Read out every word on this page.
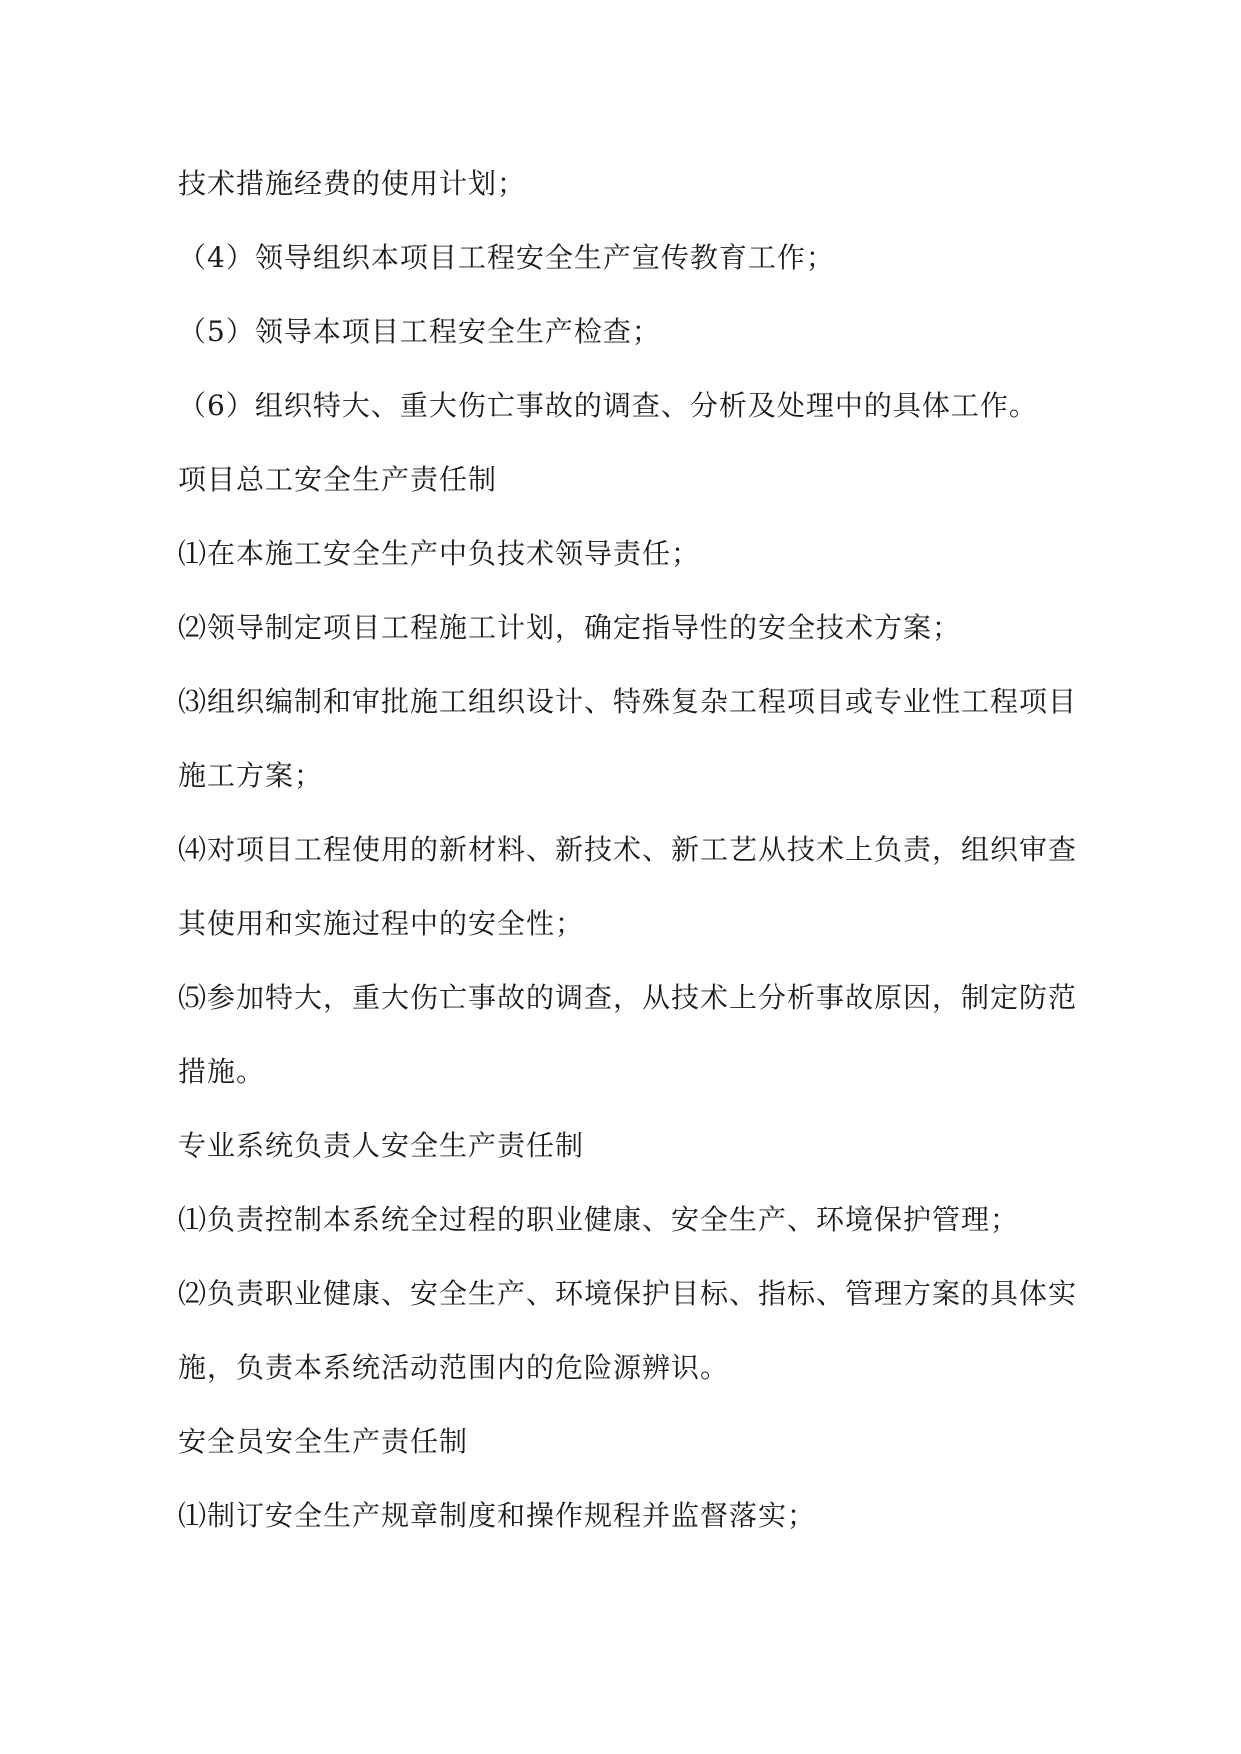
技术措施经费的使用计划；
（4）领导组织本项目工程安全生产宣传教育工作；
（5）领导本项目工程安全生产检查；
（6）组织特大、重大伤亡事故的调查、分析及处理中的具体工作。
项目总工安全生产责任制
⑴在本施工安全生产中负技术领导责任；
⑵领导制定项目工程施工计划，确定指导性的安全技术方案；
⑶组织编制和审批施工组织设计、特殊复杂工程项目或专业性工程项目
施工方案；
⑷对项目工程使用的新材料、新技术、新工艺从技术上负责，组织审查
其使用和实施过程中的安全性；
⑸参加特大，重大伤亡事故的调查，从技术上分析事故原因，制定防范
措施。
专业系统负责人安全生产责任制
⑴负责控制本系统全过程的职业健康、安全生产、环境保护管理；
⑵负责职业健康、安全生产、环境保护目标、指标、管理方案的具体实
施，负责本系统活动范围内的危险源辨识。
安全员安全生产责任制
⑴制订安全生产规章制度和操作规程并监督落实；
